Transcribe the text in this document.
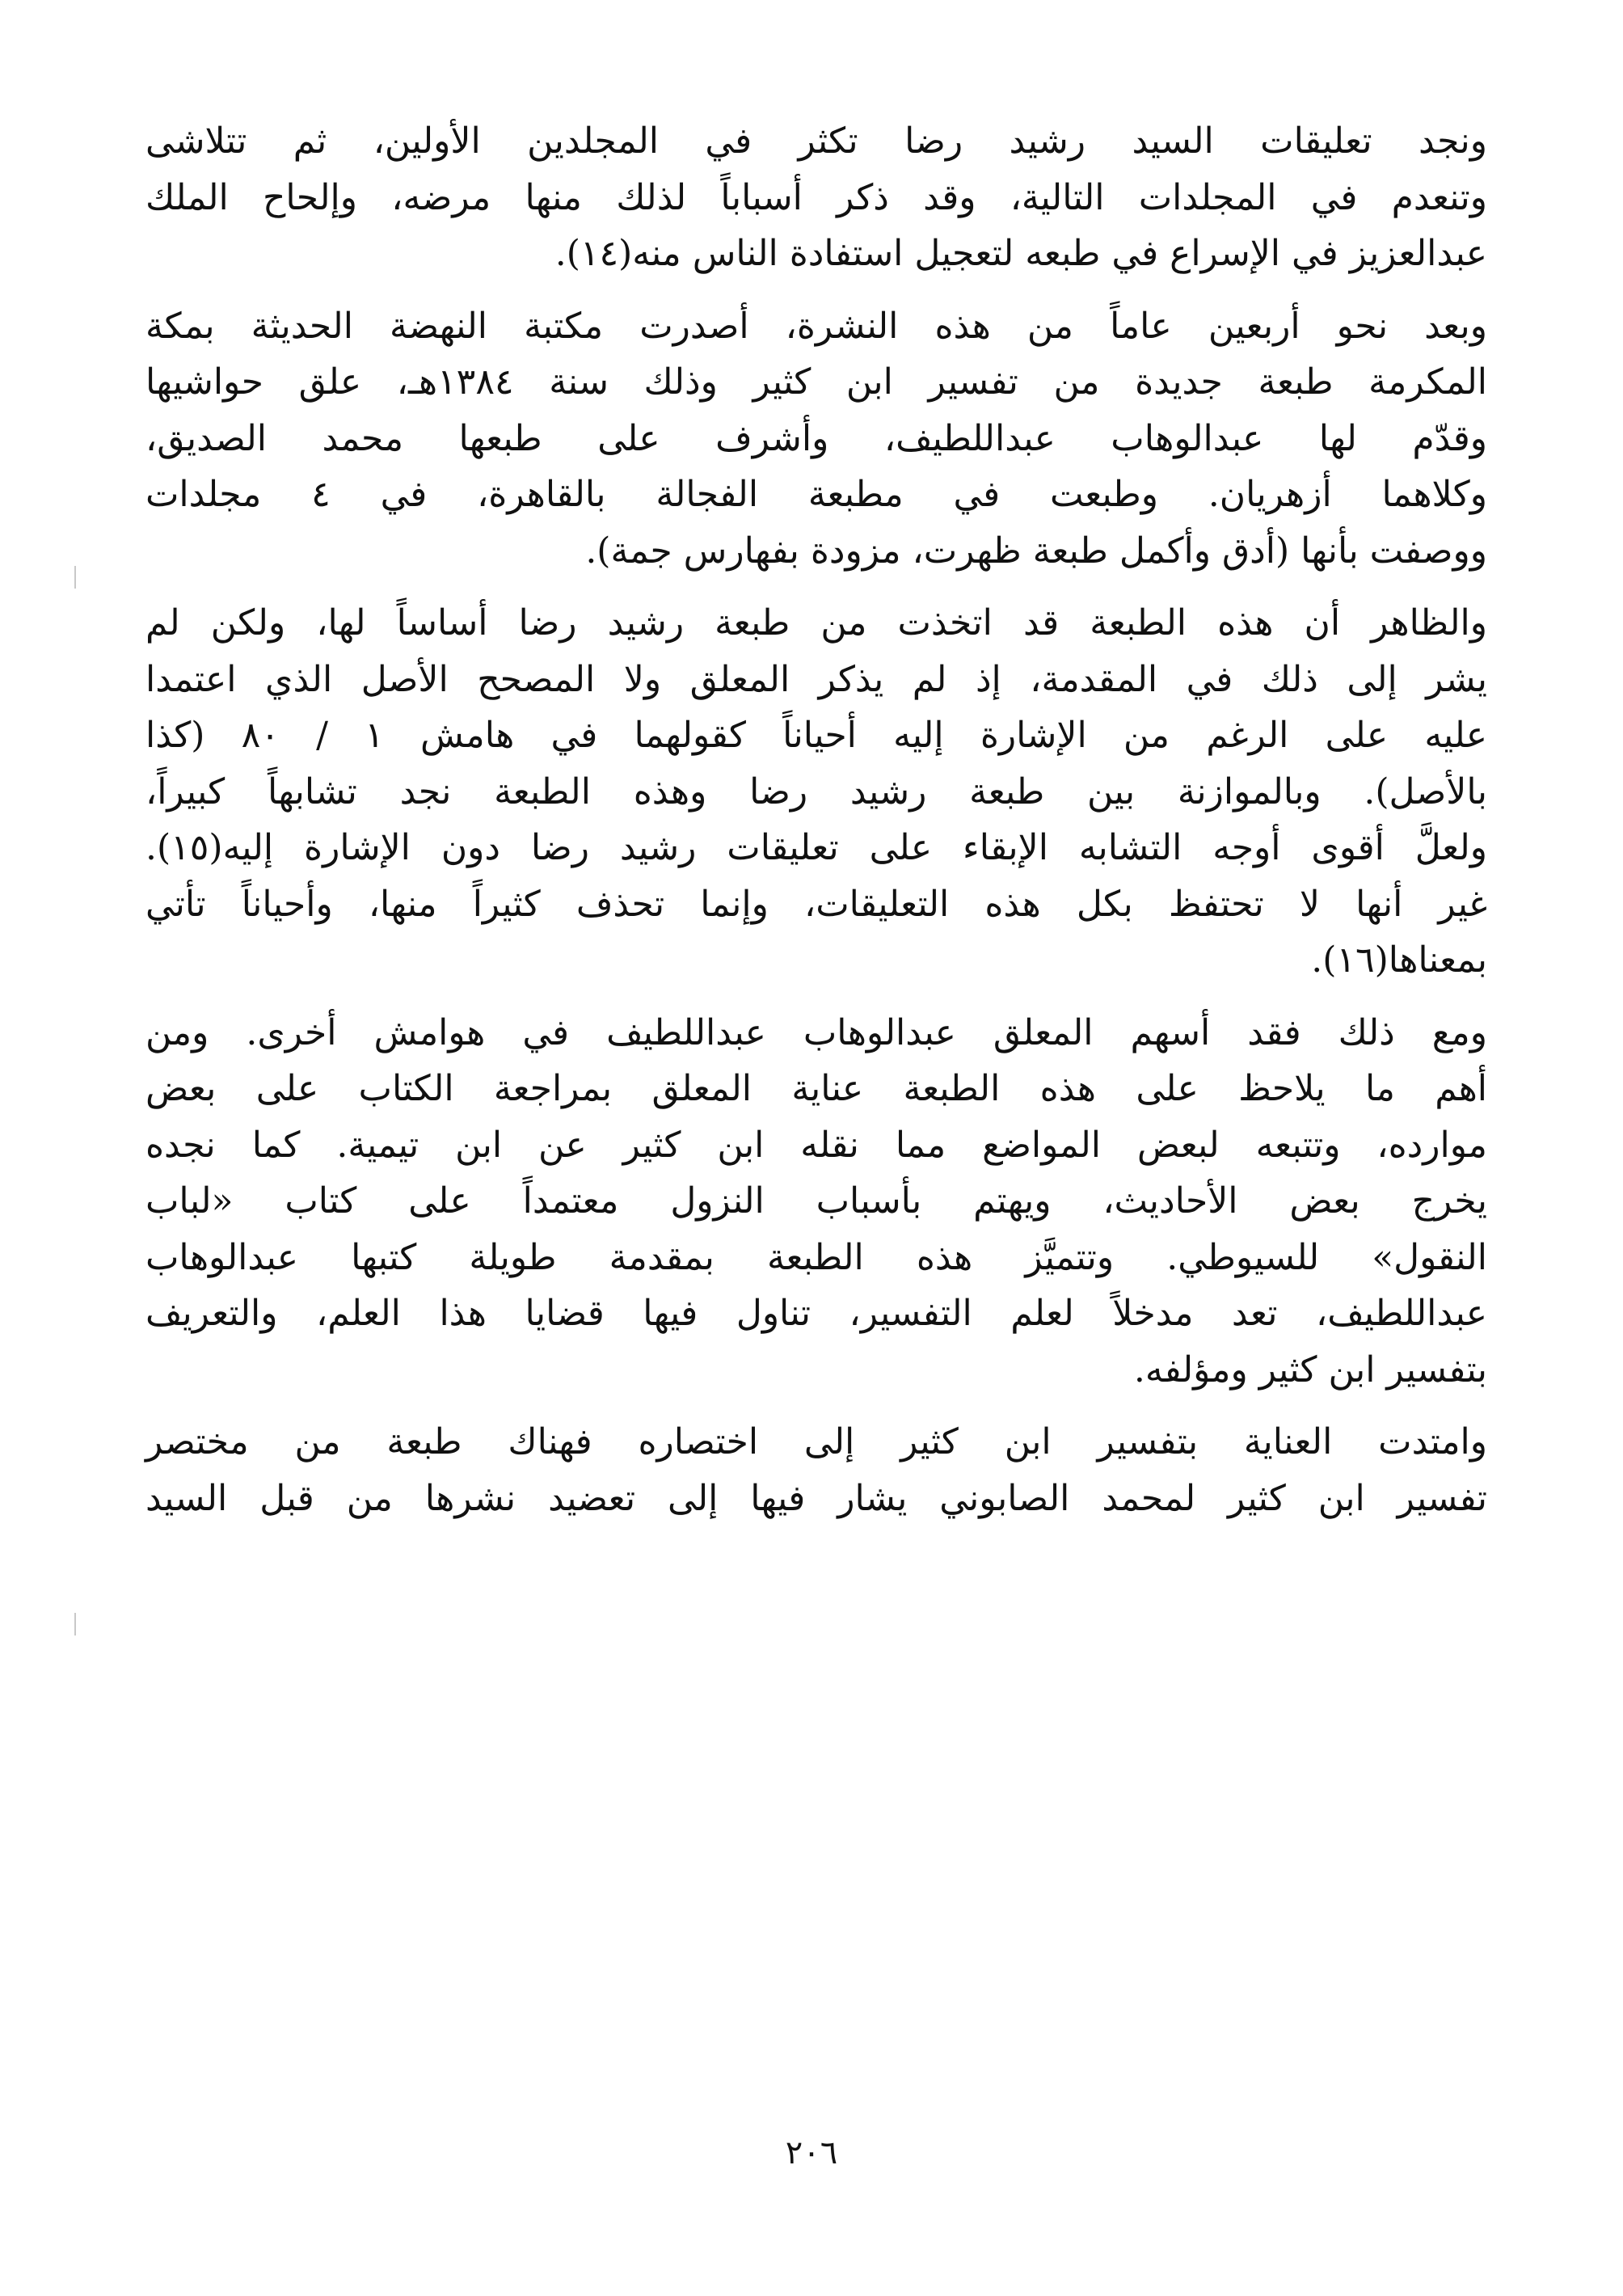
ونجد تعليقات السيد رشيد رضا تكثر في المجلدين الأولين، ثم تتلاشى
وتنعدم في المجلدات التالية، وقد ذكر أسباباً لذلك منها مرضه، وإلحاح الملك
عبدالعزيز في الإسراع في طبعه لتعجيل استفادة الناس منه(١٤).

وبعد نحو أربعين عاماً من هذه النشرة، أصدرت مكتبة النهضة الحديثة بمكة
المكرمة طبعة جديدة من تفسير ابن كثير وذلك سنة ١٣٨٤هـ، علق حواشيها
وقدّم لها عبدالوهاب عبداللطيف، وأشرف على طبعها محمد الصديق،
وكلاهما أزهريان. وطبعت في مطبعة الفجالة بالقاهرة، في ٤ مجلدات
ووصفت بأنها (أدق وأكمل طبعة ظهرت، مزودة بفهارس جمة).

والظاهر أن هذه الطبعة قد اتخذت من طبعة رشيد رضا أساساً لها، ولكن لم
يشر إلى ذلك في المقدمة، إذ لم يذكر المعلق ولا المصحح الأصل الذي اعتمدا
عليه على الرغم من الإشارة إليه أحياناً كقولهما في هامش ١ / ٨٠ (كذا
بالأصل). وبالموازنة بين طبعة رشيد رضا وهذه الطبعة نجد تشابهاً كبيراً،
ولعلَّ أقوى أوجه التشابه الإبقاء على تعليقات رشيد رضا دون الإشارة إليه(١٥).
غير أنها لا تحتفظ بكل هذه التعليقات، وإنما تحذف كثيراً منها، وأحياناً تأتي
بمعناها(١٦).

ومع ذلك فقد أسهم المعلق عبدالوهاب عبداللطيف في هوامش أخرى. ومن
أهم ما يلاحظ على هذه الطبعة عناية المعلق بمراجعة الكتاب على بعض
موارده، وتتبعه لبعض المواضع مما نقله ابن كثير عن ابن تيمية. كما نجده
يخرج بعض الأحاديث، ويهتم بأسباب النزول معتمداً على كتاب «لباب
النقول» للسيوطي. وتتميَّز هذه الطبعة بمقدمة طويلة كتبها عبدالوهاب
عبداللطيف، تعد مدخلاً لعلم التفسير، تناول فيها قضايا هذا العلم، والتعريف
بتفسير ابن كثير ومؤلفه.

وامتدت العناية بتفسير ابن كثير إلى اختصاره فهناك طبعة من مختصر
تفسير ابن كثير لمحمد الصابوني يشار فيها إلى تعضيد نشرها من قبل السيد

٢٠٦
